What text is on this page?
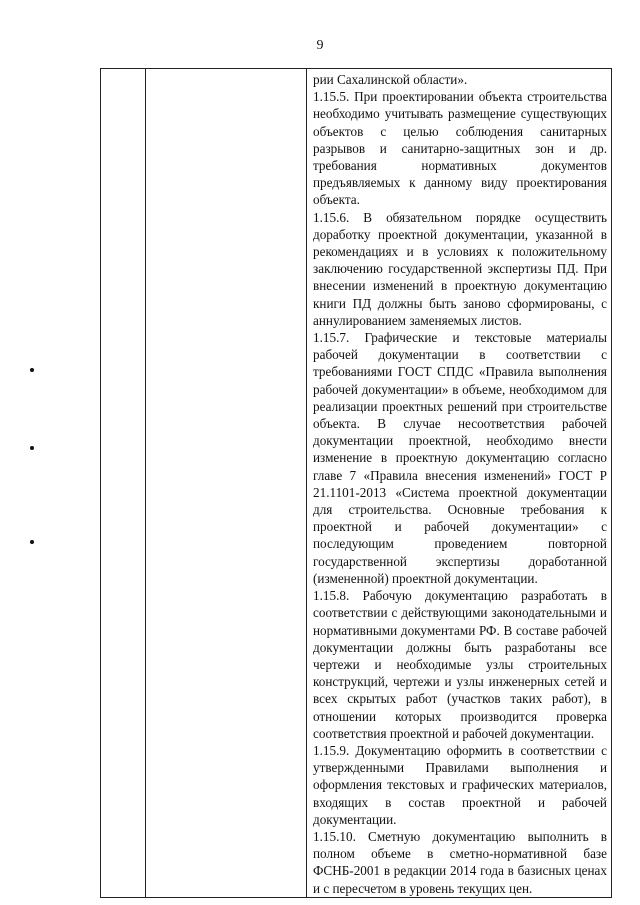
9

рии Сахалинской области».

1.15.5. При проектировании объекта строительства необходимо учитывать размещение существующих объектов с целью соблюдения санитарных разрывов и санитарно-защитных зон и др. требования нормативных документов предъявляемых к данному виду проектирования объекта.

1.15.6. В обязательном порядке осуществить доработку проектной документации, указанной в рекомендациях и в условиях к положительному заключению государственной экспертизы ПД. При внесении изменений в проектную документацию книги ПД должны быть заново сформированы, с аннулированием заменяемых листов.

1.15.7. Графические и текстовые материалы рабочей документации в соответствии с требованиями ГОСТ СПДС «Правила выполнения рабочей документации» в объеме, необходимом для реализации проектных решений при строительстве объекта. В случае несоответствия рабочей документации проектной, необходимо внести изменение в проектную документацию согласно главе 7 «Правила внесения изменений» ГОСТ Р 21.1101-2013 «Система проектной документации для строительства. Основные требования к проектной и рабочей документации» с последующим проведением повторной государственной экспертизы доработанной (измененной) проектной документации.

1.15.8. Рабочую документацию разработать в соответствии с действующими законодательными и нормативными документами РФ. В составе рабочей документации должны быть разработаны все чертежи и необходимые узлы строительных конструкций, чертежи и узлы инженерных сетей и всех скрытых работ (участков таких работ), в отношении которых производится проверка соответствия проектной и рабочей документации.

1.15.9. Документацию оформить в соответствии с утвержденными Правилами выполнения и оформления текстовых и графических материалов, входящих в состав проектной и рабочей документации.

1.15.10. Сметную документацию выполнить в полном объеме в сметно-нормативной базе ФСНБ-2001 в редакции 2014 года в базисных ценах и с пересчетом в уровень текущих цен.
